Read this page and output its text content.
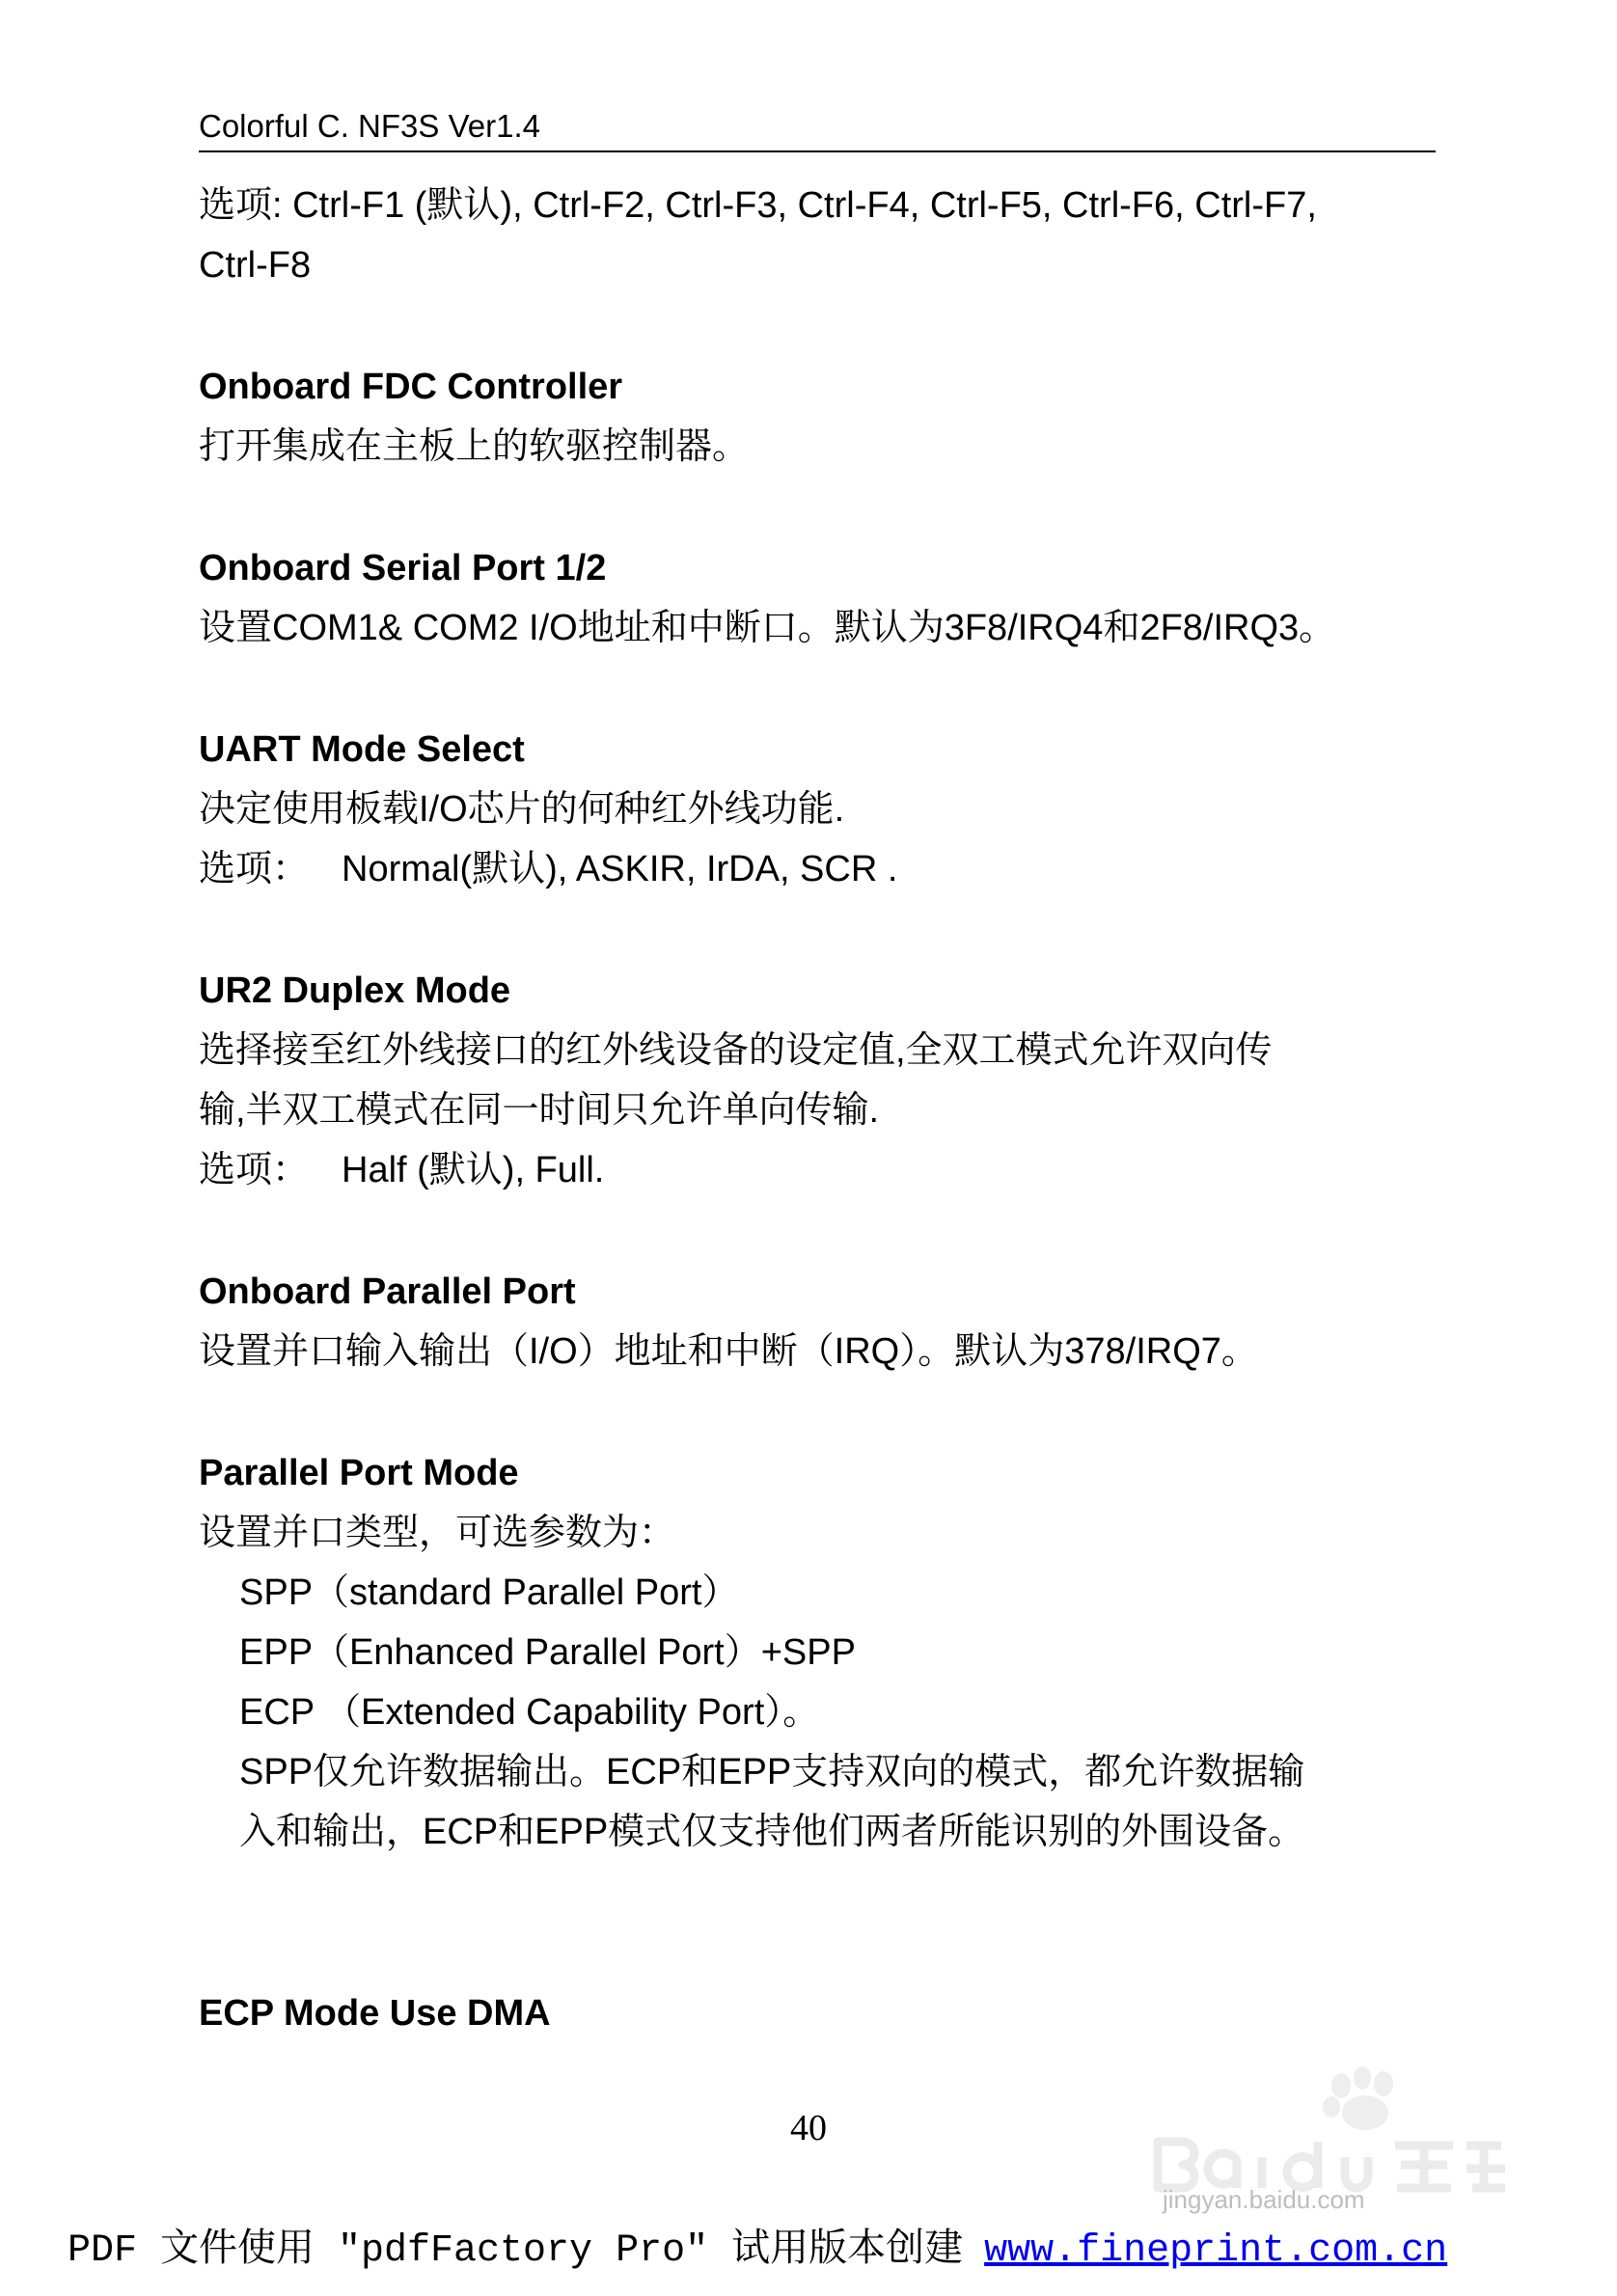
Colorful C. NF3S Ver1.4

选项: Ctrl-F1 (默认), Ctrl-F2, Ctrl-F3, Ctrl-F4, Ctrl-F5, Ctrl-F6, Ctrl-F7,

Ctrl-F8

Onboard FDC Controller

打开集成在主板上的软驱控制器。

Onboard Serial Port 1/2

设置COM1& COM2 I/O地址和中断口。默认为3F8/IRQ4和2F8/IRQ3。

UART Mode Select

决定使用板载I/O芯片的何种红外线功能.

选项： Normal(默认), ASKIR, IrDA, SCR .

UR2 Duplex Mode

选择接至红外线接口的红外线设备的设定值,全双工模式允许双向传

输,半双工模式在同一时间只允许单向传输.

选项： Half (默认), Full.

Onboard Parallel Port

设置并口输入输出（I/O）地址和中断（IRQ）。默认为378/IRQ7。

Parallel Port Mode

设置并口类型，可选参数为：

SPP（standard Parallel Port）

EPP（Enhanced Parallel Port）+SPP

ECP （Extended Capability Port）。

SPP仅允许数据输出。ECP和EPP支持双向的模式，都允许数据输

入和输出，ECP和EPP模式仅支持他们两者所能识别的外围设备。

ECP Mode Use DMA

40
jingyan.baidu.com
PDF 文件使用 "pdfFactory Pro" 试用版本创建 www.fineprint.com.cn
